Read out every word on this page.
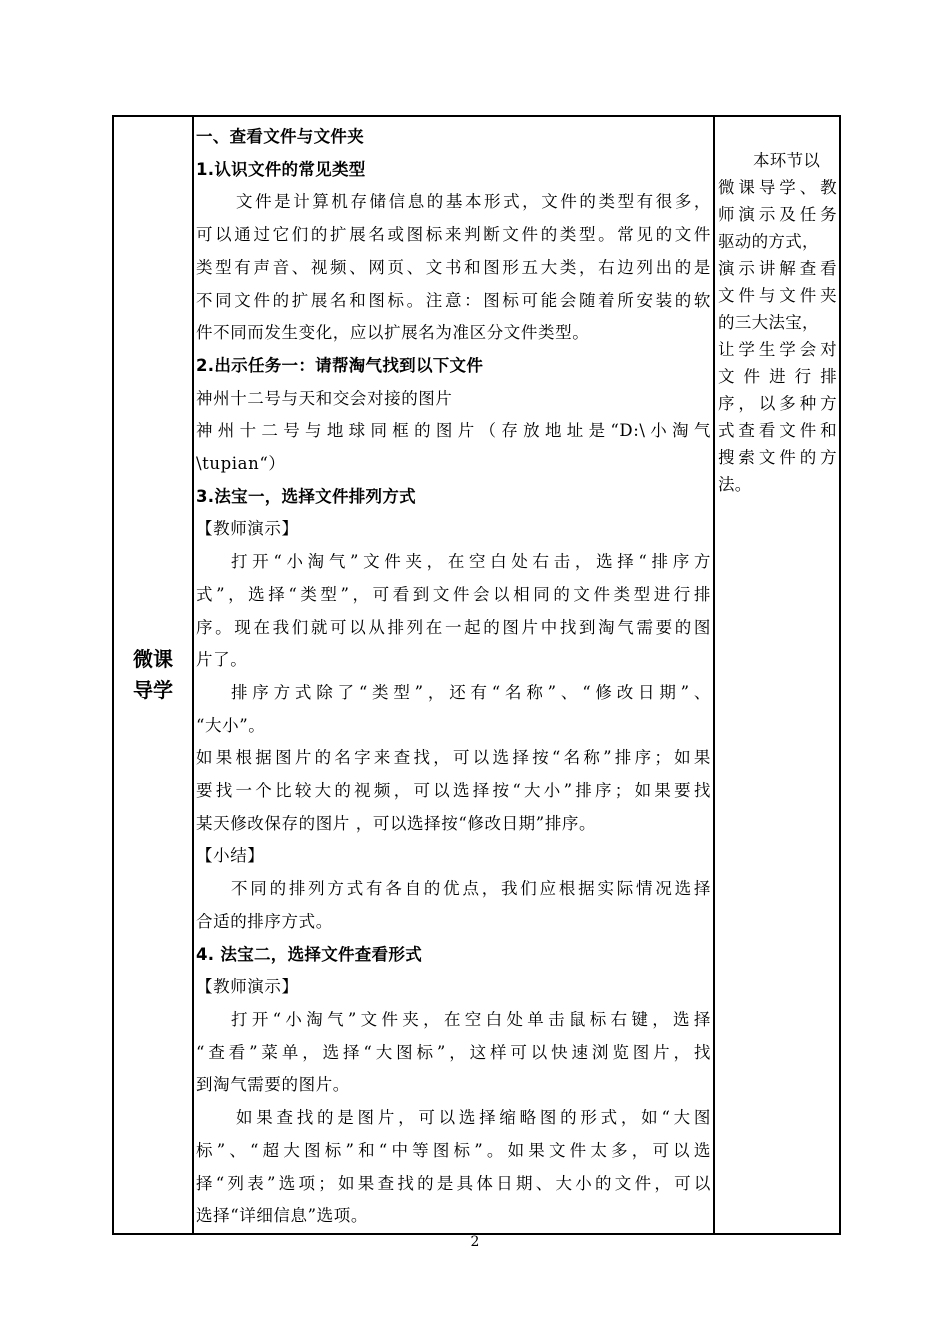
微课导学	
一、查看文件与文件夹
1.认识文件的常见类型
文件是计算机存储信息的基本形式，文件的类型有很多，
可以通过它们的扩展名或图标来判断文件的类型。常见的文件
类型有声音、视频、网页、文书和图形五大类，右边列出的是
不同文件的扩展名和图标。注意：图标可能会随着所安装的软
件不同而发生变化，应以扩展名为准区分文件类型。
2.出示任务一：请帮淘气找到以下文件
神州十二号与天和交会对接的图片
神州十二号与地球同框的图片（存放地址是“D:\小淘气
\tupian“）
3.法宝一，选择文件排列方式
【教师演示】
打开“小淘气”文件夹，在空白处右击，选择“排序方
式”，选择“类型”，可看到文件会以相同的文件类型进行排
序。现在我们就可以从排列在一起的图片中找到淘气需要的图
片了。
排序方式除了“类型”，还有“名称”、“修改日期”、
“大小”。
如果根据图片的名字来查找，可以选择按“名称”排序；如果
要找一个比较大的视频，可以选择按“大小”排序；如果要找
某天修改保存的图片 ，可以选择按“修改日期”排序。
【小结】
不同的排列方式有各自的优点，我们应根据实际情况选择
合适的排序方式。
4. 法宝二，选择文件查看形式
【教师演示】
打开“小淘气”文件夹，在空白处单击鼠标右键，选择
“查看”菜单，选择“大图标”，这样可以快速浏览图片，找
到淘气需要的图片。
如果查找的是图片，可以选择缩略图的形式，如“大图
标”、“超大图标”和“中等图标”。如果文件太多，可以选
择“列表”选项；如果查找的是具体日期、大小的文件，可以
选择“详细信息”选项。

本环节以
微课导学、教
师演示及任务
驱动的方式，
演示讲解查看
文件与文件夹
的三大法宝，
让学生学会对
文件进行排
序，以多种方
式查看文件和
搜索文件的方
法。
2
